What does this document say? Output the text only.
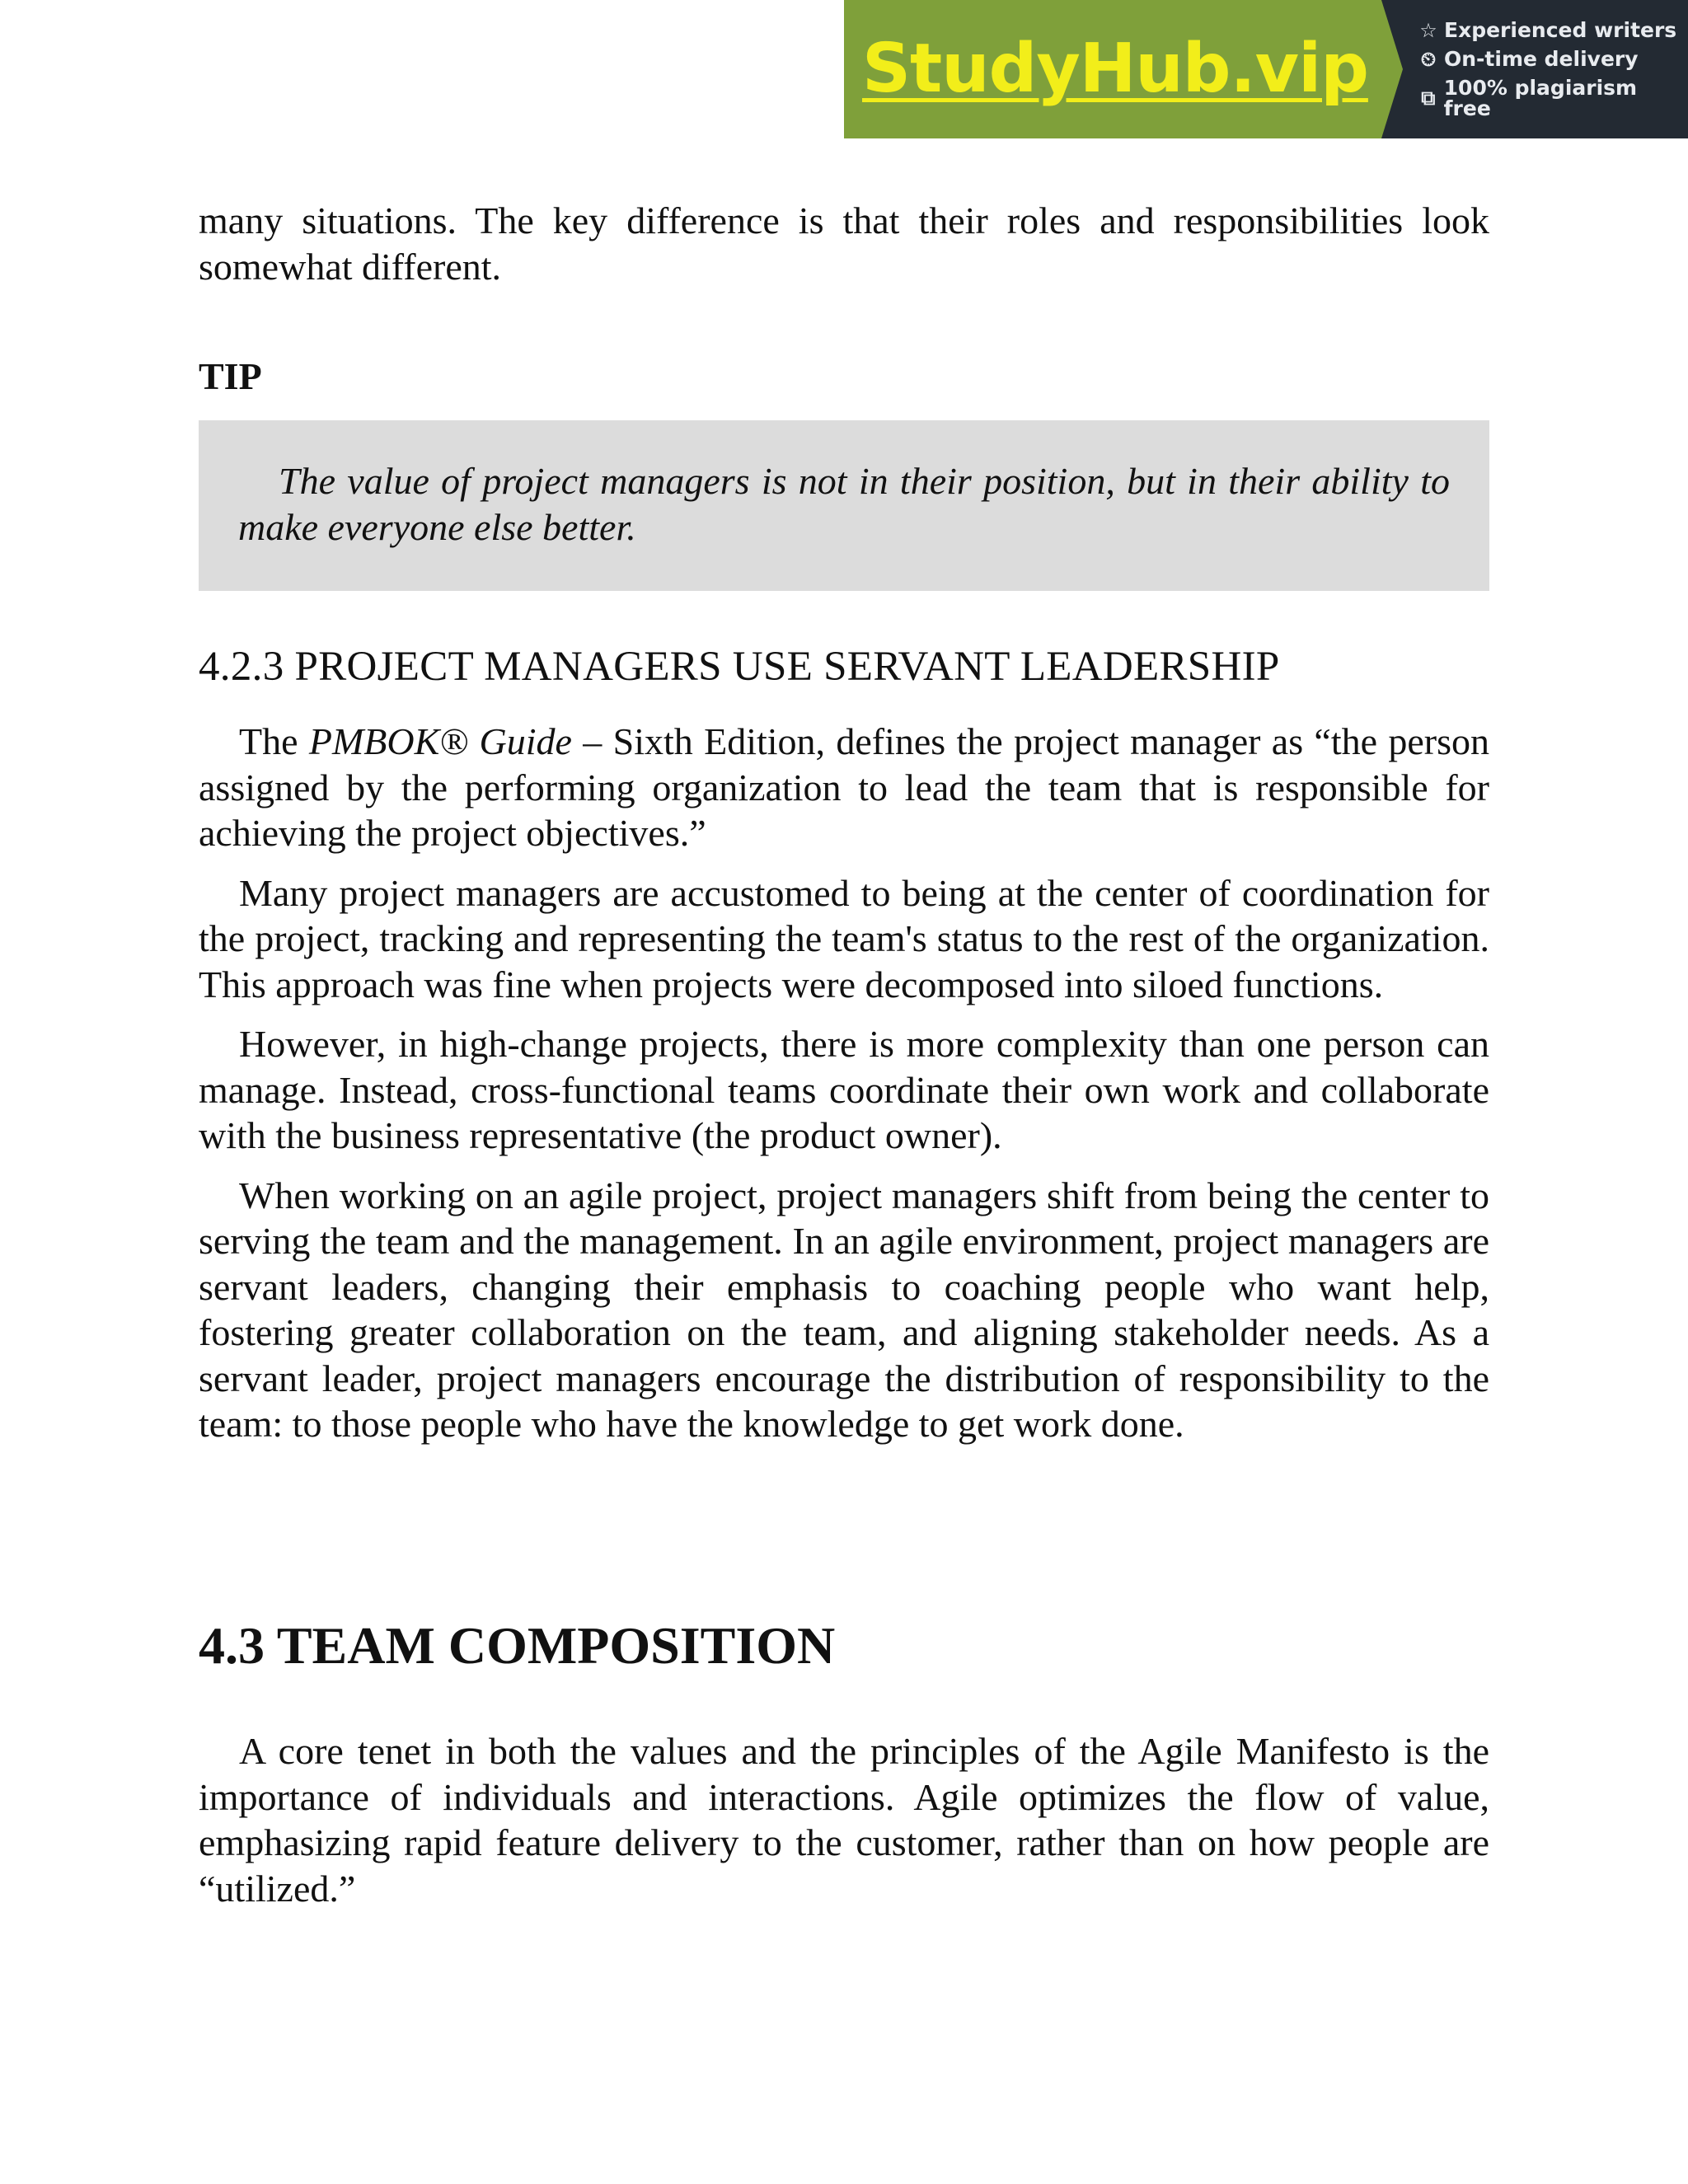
StudyHub.vip	☆ Experienced writers
⏲ On-time delivery
⧉ 100% plagiarism free

many situations. The key difference is that their roles and responsibilities look somewhat different.

TIP

The value of project managers is not in their position, but in their ability to make everyone else better.

4.2.3 PROJECT MANAGERS USE SERVANT LEADERSHIP

The PMBOK® Guide – Sixth Edition, defines the project manager as “the person assigned by the performing organization to lead the team that is responsible for achieving the project objectives.”

Many project managers are accustomed to being at the center of coordination for the project, tracking and representing the team's status to the rest of the organization. This approach was fine when projects were decomposed into siloed functions.

However, in high-change projects, there is more complexity than one person can manage. Instead, cross-functional teams coordinate their own work and collaborate with the business representative (the product owner).

When working on an agile project, project managers shift from being the center to serving the team and the management. In an agile environment, project managers are servant leaders, changing their emphasis to coaching people who want help, fostering greater collaboration on the team, and aligning stakeholder needs. As a servant leader, project managers encourage the distribution of responsibility to the team: to those people who have the knowledge to get work done.

4.3 TEAM COMPOSITION

A core tenet in both the values and the principles of the Agile Manifesto is the importance of individuals and interactions. Agile optimizes the flow of value, emphasizing rapid feature delivery to the customer, rather than on how people are “utilized.”
